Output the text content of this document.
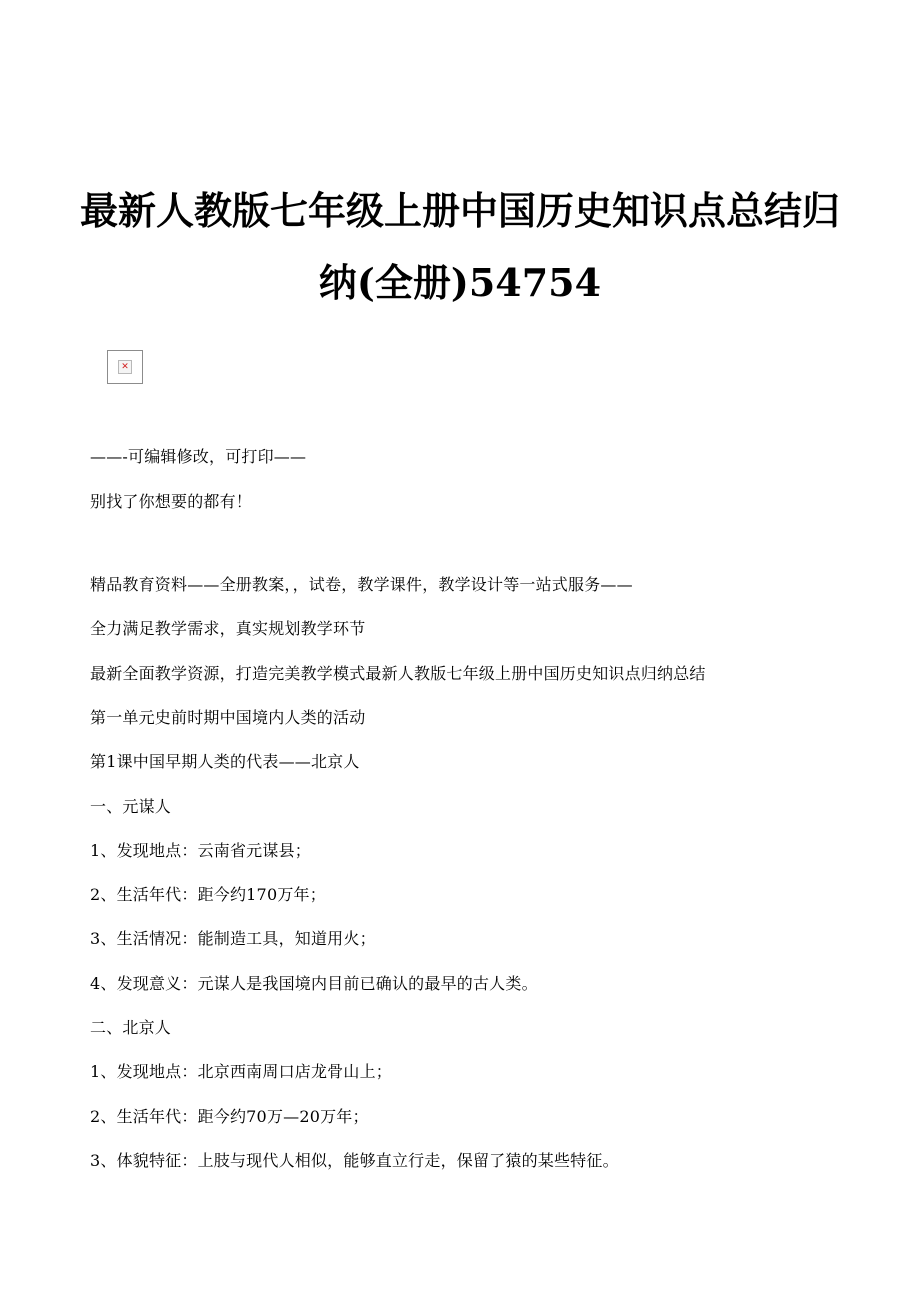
最新人教版七年级上册中国历史知识点总结归
纳(全册)54754
✕
——-可编辑修改，可打印——
别找了你想要的都有！
精品教育资料——全册教案，，试卷，教学课件，教学设计等一站式服务——
全力满足教学需求，真实规划教学环节
最新全面教学资源，打造完美教学模式最新人教版七年级上册中国历史知识点归纳总结
第一单元史前时期中国境内人类的活动
第1课中国早期人类的代表——北京人
一、元谋人
1、发现地点：云南省元谋县；
2、生活年代：距今约170万年；
3、生活情况：能制造工具，知道用火；
4、发现意义：元谋人是我国境内目前已确认的最早的古人类。
二、北京人
1、发现地点：北京西南周口店龙骨山上；
2、生活年代：距今约70万—20万年；
3、体貌特征：上肢与现代人相似，能够直立行走，保留了猿的某些特征。
